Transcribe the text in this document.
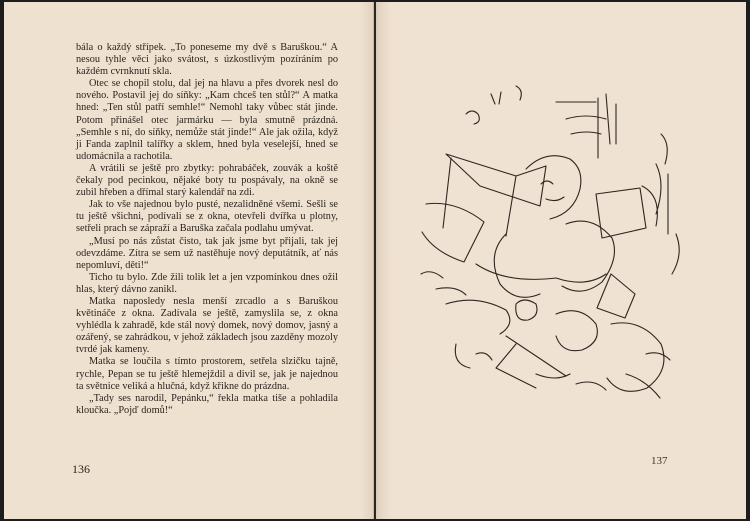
bála o každý střípek. „To poneseme my dvě s Baruškou.“ A nesou tyhle věci jako svátost, s úzkostlivým pozíráním po každém cvrnknutí skla.

Otec se chopil stolu, dal jej na hlavu a přes dvorek nesl do nového. Postavil jej do síňky: „Kam chceš ten stůl?“ A matka hned: „Ten stůl patří semhle!“ Nemohl taky vůbec stát jinde. Potom přinášel otec jarmárku — byla smutně prázdná. „Semhle s ní, do síňky, nemůže stát jinde!“ Ale jak ožila, když ji Fanda zaplnil talířky a sklem, hned byla veselejší, hned se udomácnila a rachotila.

A vrátili se ještě pro zbytky: pohrabáček, zouvák a koště čekaly pod pecinkou, nějaké boty tu pospávaly, na okně se zubil hřeben a dřímal starý kalendář na zdi.

Jak to vše najednou bylo pusté, nezalidněné všemi. Sešli se tu ještě všichni, podívali se z okna, otevřeli dvířka u plotny, setřeli prach se zápraží a Baruška začala podlahu umývat.

„Musí po nás zůstat čisto, tak jak jsme byt přijali, tak jej odevzdáme. Zítra se sem už nastěhuje nový deputátník, ať nás nepomluví, děti!“

Ticho tu bylo. Zde žili tolik let a jen vzpomínkou dnes ožil hlas, který dávno zanikl.

Matka naposledy nesla menší zrcadlo a s Baruškou květináče z okna. Zadívala se ještě, zamyslila se, z okna vyhlédla k zahradě, kde stál nový domek, nový domov, jasný a ozářený, se zahrádkou, v jehož základech jsou zazděny mozoly tvrdé jak kameny.

Matka se loučila s tímto prostorem, setřela slzičku tajně, rychle, Pepan se tu ještě hlemejždil a divil se, jak je najednou ta světnice veliká a hlučná, když křikne do prázdna.

„Tady ses narodil, Pepánku,“ řekla matka tiše a pohladila kloučka. „Pojď domů!“

136
137
